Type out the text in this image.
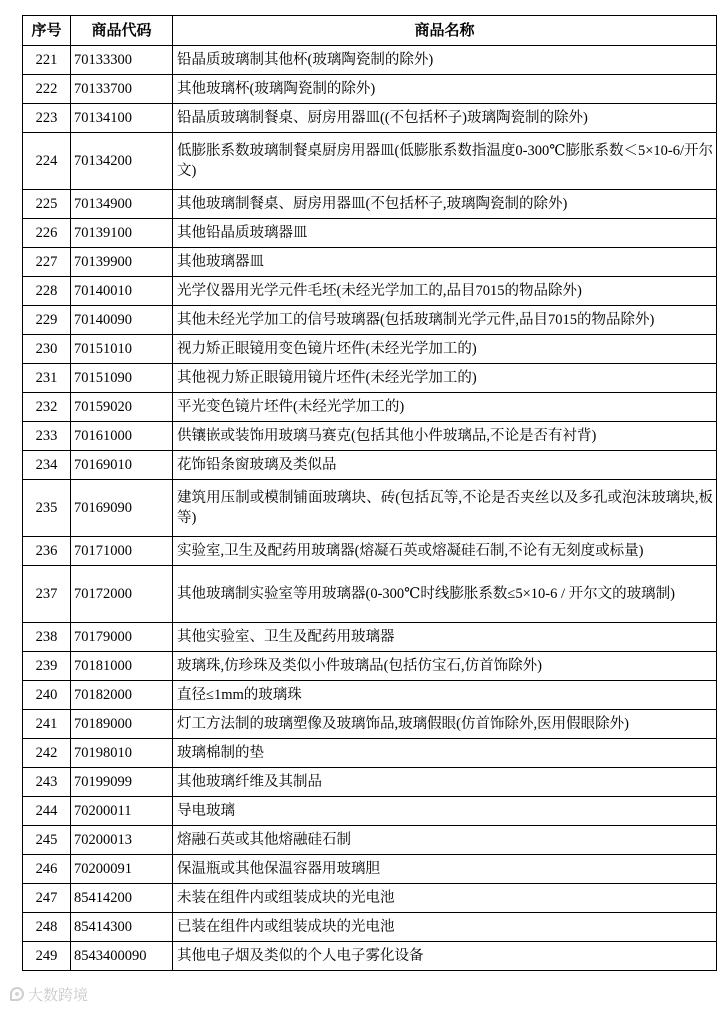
序号	商品代码	商品名称
221	70133300	铅晶质玻璃制其他杯(玻璃陶瓷制的除外)
222	70133700	其他玻璃杯(玻璃陶瓷制的除外)
223	70134100	铅晶质玻璃制餐桌、厨房用器皿((不包括杯子)玻璃陶瓷制的除外)
224	70134200	低膨胀系数玻璃制餐桌厨房用器皿(低膨胀系数指温度0-300℃膨胀系数＜5×10-6/开尔文)
225	70134900	其他玻璃制餐桌、厨房用器皿(不包括杯子,玻璃陶瓷制的除外)
226	70139100	其他铅晶质玻璃器皿
227	70139900	其他玻璃器皿
228	70140010	光学仪器用光学元件毛坯(未经光学加工的,品目7015的物品除外)
229	70140090	其他未经光学加工的信号玻璃器(包括玻璃制光学元件,品目7015的物品除外)
230	70151010	视力矫正眼镜用变色镜片坯件(未经光学加工的)
231	70151090	其他视力矫正眼镜用镜片坯件(未经光学加工的)
232	70159020	平光变色镜片坯件(未经光学加工的)
233	70161000	供镶嵌或装饰用玻璃马赛克(包括其他小件玻璃品,不论是否有衬背)
234	70169010	花饰铅条窗玻璃及类似品
235	70169090	建筑用压制或模制铺面玻璃块、砖(包括瓦等,不论是否夹丝以及多孔或泡沫玻璃块,板等)
236	70171000	实验室,卫生及配药用玻璃器(熔凝石英或熔凝硅石制,不论有无刻度或标量)
237	70172000	其他玻璃制实验室等用玻璃器(0-300℃时线膨胀系数≤5×10-6 / 开尔文的玻璃制)
238	70179000	其他实验室、卫生及配药用玻璃器
239	70181000	玻璃珠,仿珍珠及类似小件玻璃品(包括仿宝石,仿首饰除外)
240	70182000	直径≤1mm的玻璃珠
241	70189000	灯工方法制的玻璃塑像及玻璃饰品,玻璃假眼(仿首饰除外,医用假眼除外)
242	70198010	玻璃棉制的垫
243	70199099	其他玻璃纤维及其制品
244	70200011	导电玻璃
245	70200013	熔融石英或其他熔融硅石制
246	70200091	保温瓶或其他保温容器用玻璃胆
247	85414200	未装在组件内或组装成块的光电池
248	85414300	已装在组件内或组装成块的光电池
249	8543400090	其他电子烟及类似的个人电子雾化设备
大数跨境
